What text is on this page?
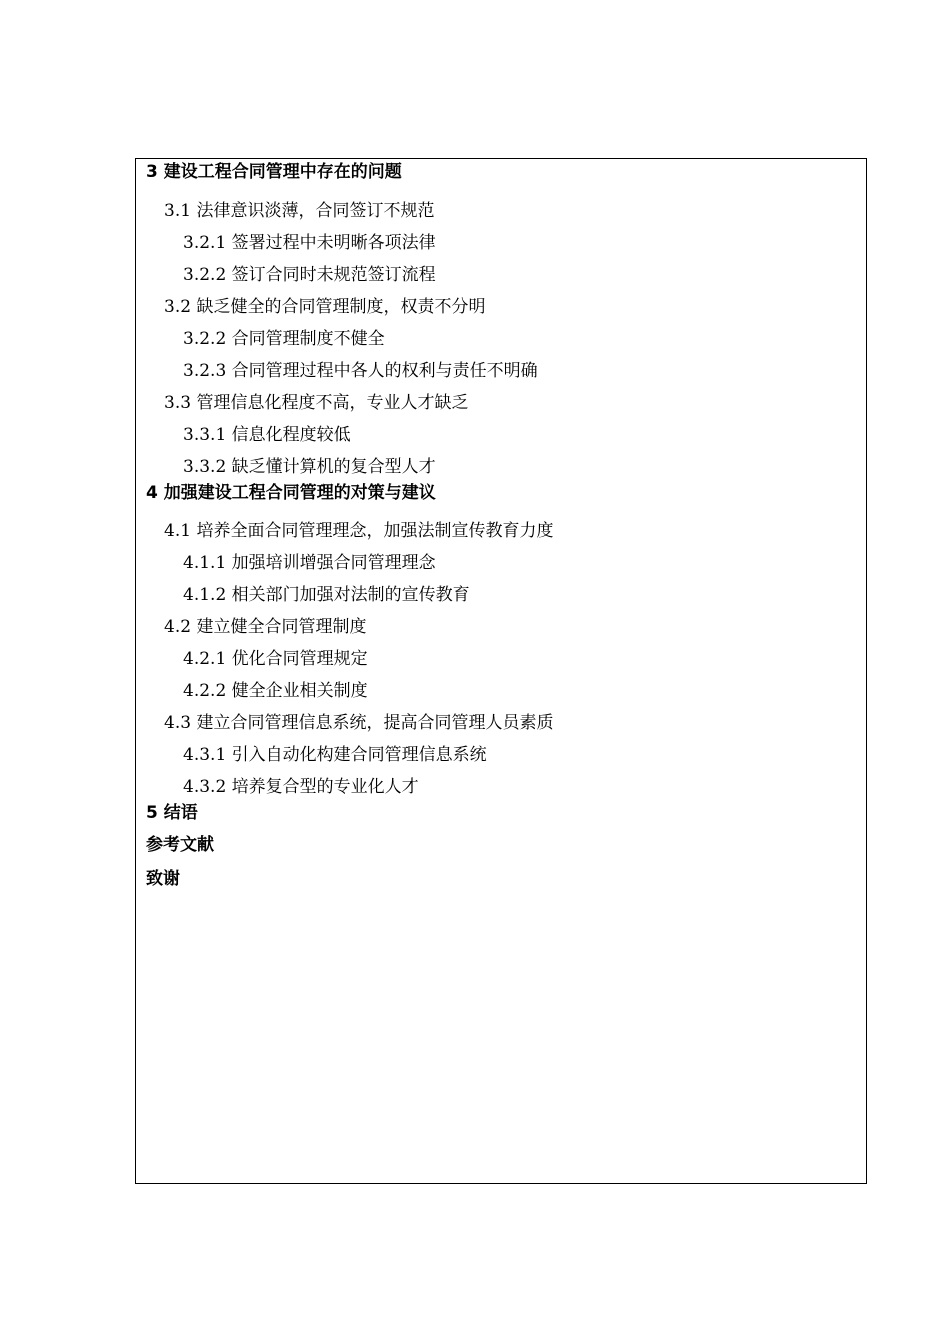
3 建设工程合同管理中存在的问题
3.1 法律意识淡薄，合同签订不规范
3.2.1 签署过程中未明晰各项法律
3.2.2 签订合同时未规范签订流程
3.2 缺乏健全的合同管理制度，权责不分明
3.2.2 合同管理制度不健全
3.2.3 合同管理过程中各人的权利与责任不明确
3.3 管理信息化程度不高，专业人才缺乏
3.3.1 信息化程度较低
3.3.2 缺乏懂计算机的复合型人才
4 加强建设工程合同管理的对策与建议
4.1 培养全面合同管理理念，加强法制宣传教育力度
4.1.1 加强培训增强合同管理理念
4.1.2 相关部门加强对法制的宣传教育
4.2 建立健全合同管理制度
4.2.1 优化合同管理规定
4.2.2 健全企业相关制度
4.3 建立合同管理信息系统，提高合同管理人员素质
4.3.1 引入自动化构建合同管理信息系统
4.3.2 培养复合型的专业化人才
5 结语
参考文献
致谢
